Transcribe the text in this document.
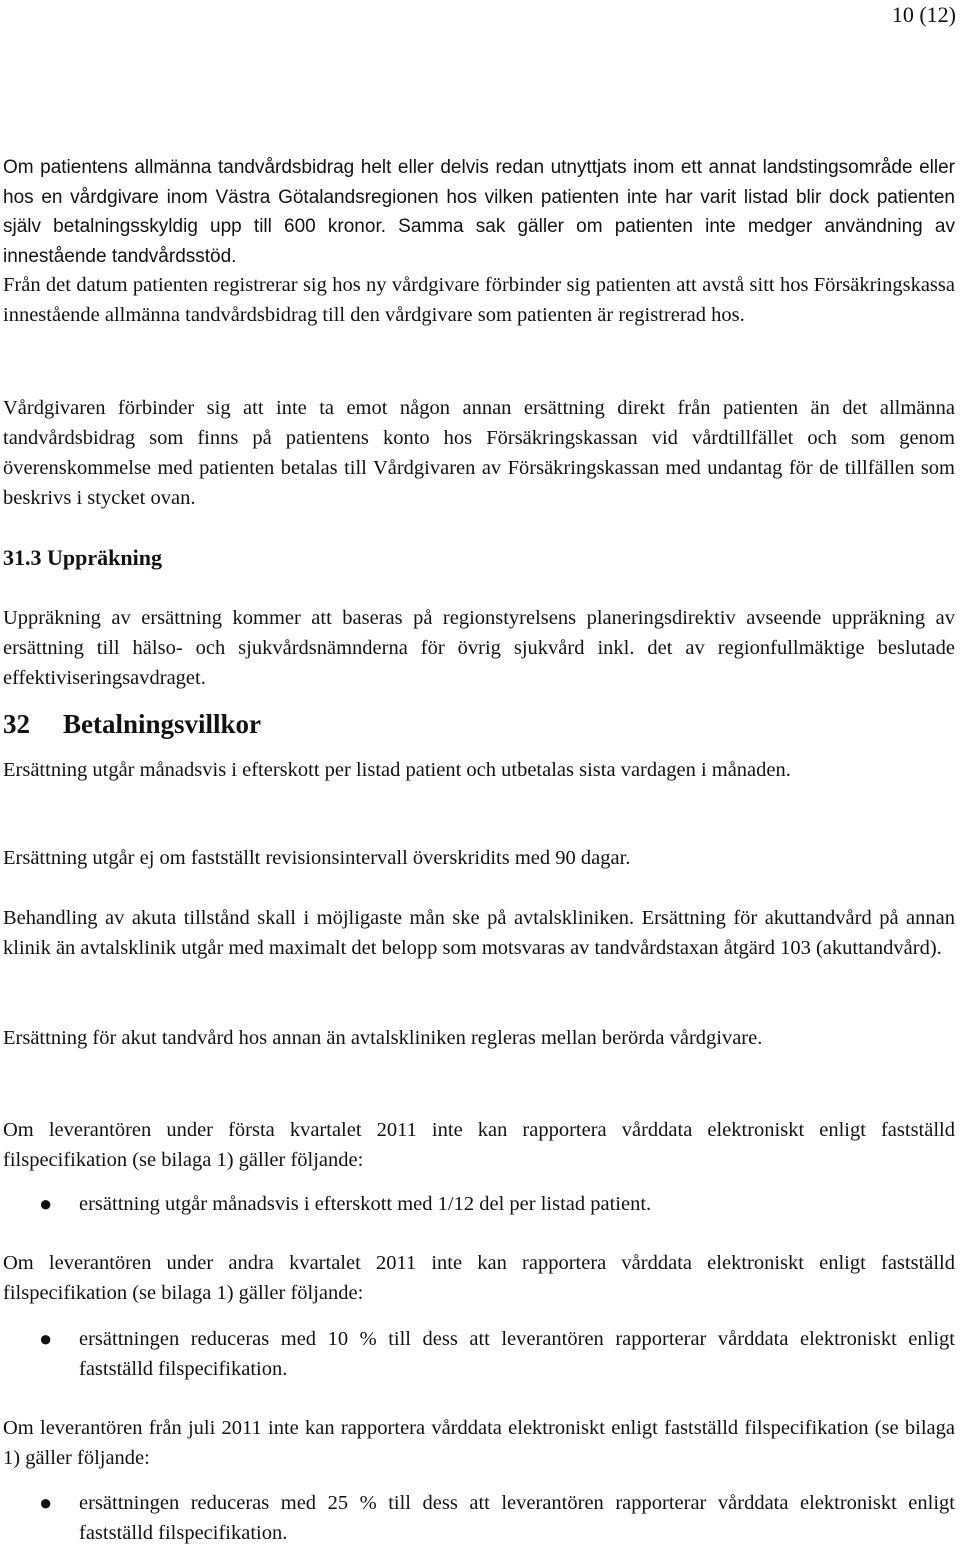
10 (12)

Om patientens allmänna tandvårdsbidrag helt eller delvis redan utnyttjats inom ett annat landstingsområde eller hos en vårdgivare inom Västra Götalandsregionen hos vilken patienten inte har varit listad blir dock patienten själv betalningsskyldig upp till 600 kronor. Samma sak gäller om patienten inte medger användning av innestående tandvårdsstöd.

Från det datum patienten registrerar sig hos ny vårdgivare förbinder sig patienten att avstå sitt hos Försäkringskassa innestående allmänna tandvårdsbidrag till den vårdgivare som patienten är registrerad hos.

Vårdgivaren förbinder sig att inte ta emot någon annan ersättning direkt från patienten än det allmänna tandvårdsbidrag som finns på patientens konto hos Försäkringskassan vid vårdtillfället och som genom överenskommelse med patienten betalas till Vårdgivaren av Försäkringskassan med undantag för de tillfällen som beskrivs i stycket ovan.
31.3 Uppräkning
Uppräkning av ersättning kommer att baseras på regionstyrelsens planeringsdirektiv avseende uppräkning av ersättning till hälso- och sjukvårdsnämnderna för övrig sjukvård inkl. det av regionfullmäktige beslutade effektiviseringsavdraget.
32 Betalningsvillkor
Ersättning utgår månadsvis i efterskott per listad patient och utbetalas sista vardagen i månaden.
Ersättning utgår ej om fastställt revisionsintervall överskridits med 90 dagar.
Behandling av akuta tillstånd skall i möjligaste mån ske på avtalskliniken. Ersättning för akuttandvård på annan klinik än avtalsklinik utgår med maximalt det belopp som motsvaras av tandvårdstaxan åtgärd 103 (akuttandvård).
Ersättning för akut tandvård hos annan än avtalskliniken regleras mellan berörda vårdgivare.
Om leverantören under första kvartalet 2011 inte kan rapportera vårddata elektroniskt enligt fastställd filspecifikation (se bilaga 1) gäller följande:
● ersättning utgår månadsvis i efterskott med 1/12 del per listad patient.
Om leverantören under andra kvartalet 2011 inte kan rapportera vårddata elektroniskt enligt fastställd filspecifikation (se bilaga 1) gäller följande:
● ersättningen reduceras med 10 % till dess att leverantören rapporterar vårddata elektroniskt enligt fastställd filspecifikation.
Om leverantören från juli 2011 inte kan rapportera vårddata elektroniskt enligt fastställd filspecifikation (se bilaga 1) gäller följande:
● ersättningen reduceras med 25 % till dess att leverantören rapporterar vårddata elektroniskt enligt fastställd filspecifikation.
